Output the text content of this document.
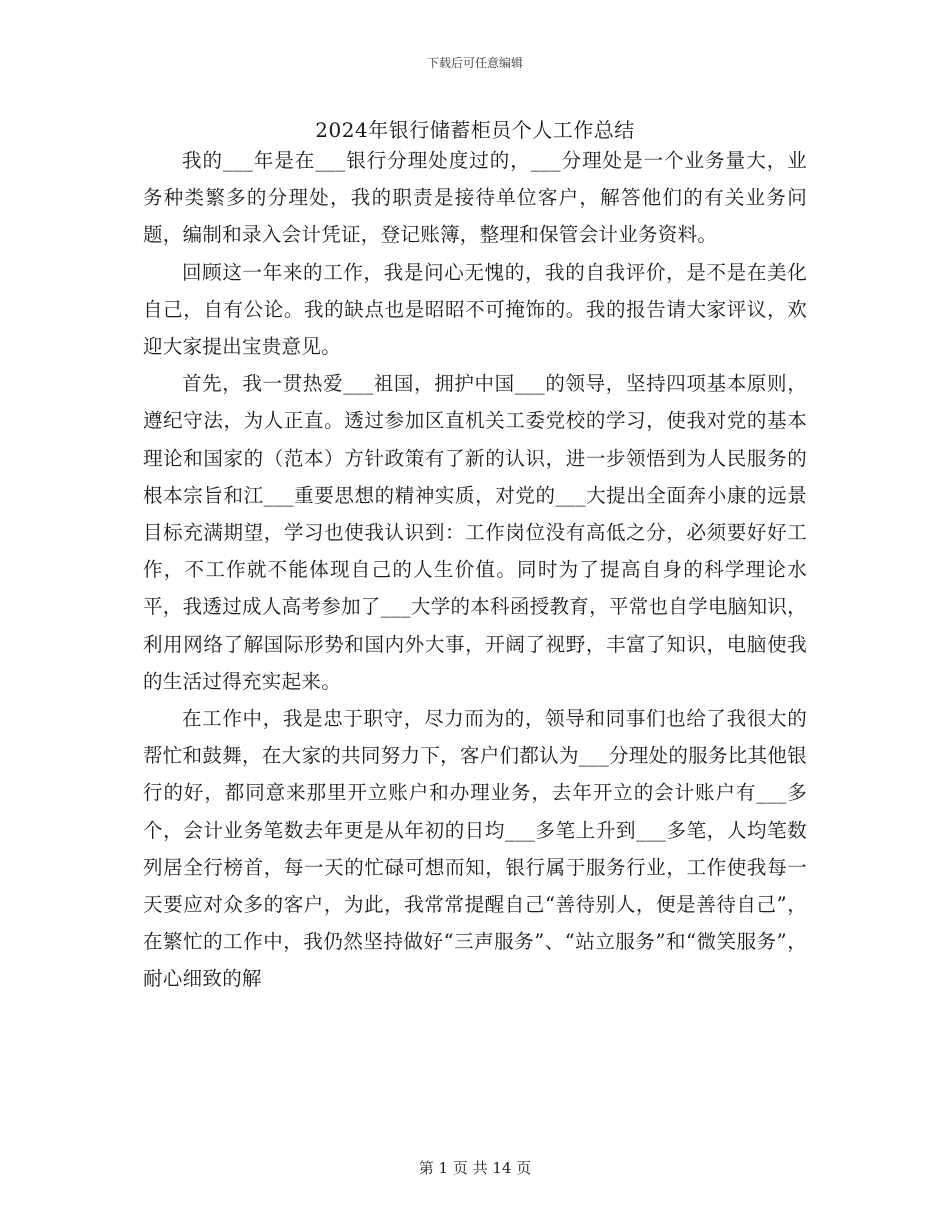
下载后可任意编辑
2024年银行储蓄柜员个人工作总结

我的___年是在___银行分理处度过的，___分理处是一个业务量大，业务种类繁多的分理处，我的职责是接待单位客户，解答他们的有关业务问题，编制和录入会计凭证，登记账簿，整理和保管会计业务资料。

回顾这一年来的工作，我是问心无愧的，我的自我评价，是不是在美化自己，自有公论。我的缺点也是昭昭不可掩饰的。我的报告请大家评议，欢迎大家提出宝贵意见。

首先，我一贯热爱___祖国，拥护中国___的领导，坚持四项基本原则，遵纪守法，为人正直。透过参加区直机关工委党校的学习，使我对党的基本理论和国家的（范本）方针政策有了新的认识，进一步领悟到为人民服务的根本宗旨和江___重要思想的精神实质，对党的___大提出全面奔小康的远景目标充满期望，学习也使我认识到：工作岗位没有高低之分，必须要好好工作，不工作就不能体现自己的人生价值。同时为了提高自身的科学理论水平，我透过成人高考参加了___大学的本科函授教育，平常也自学电脑知识，利用网络了解国际形势和国内外大事，开阔了视野，丰富了知识，电脑使我的生活过得充实起来。

在工作中，我是忠于职守，尽力而为的，领导和同事们也给了我很大的帮忙和鼓舞，在大家的共同努力下，客户们都认为___分理处的服务比其他银行的好，都同意来那里开立账户和办理业务，去年开立的会计账户有___多个，会计业务笔数去年更是从年初的日均___多笔上升到___多笔，人均笔数列居全行榜首，每一天的忙碌可想而知，银行属于服务行业，工作使我每一天要应对众多的客户，为此，我常常提醒自己“善待别人，便是善待自己”，在繁忙的工作中，我仍然坚持做好“三声服务”、“站立服务”和“微笑服务”，耐心细致的解

第 1 页 共 14 页
